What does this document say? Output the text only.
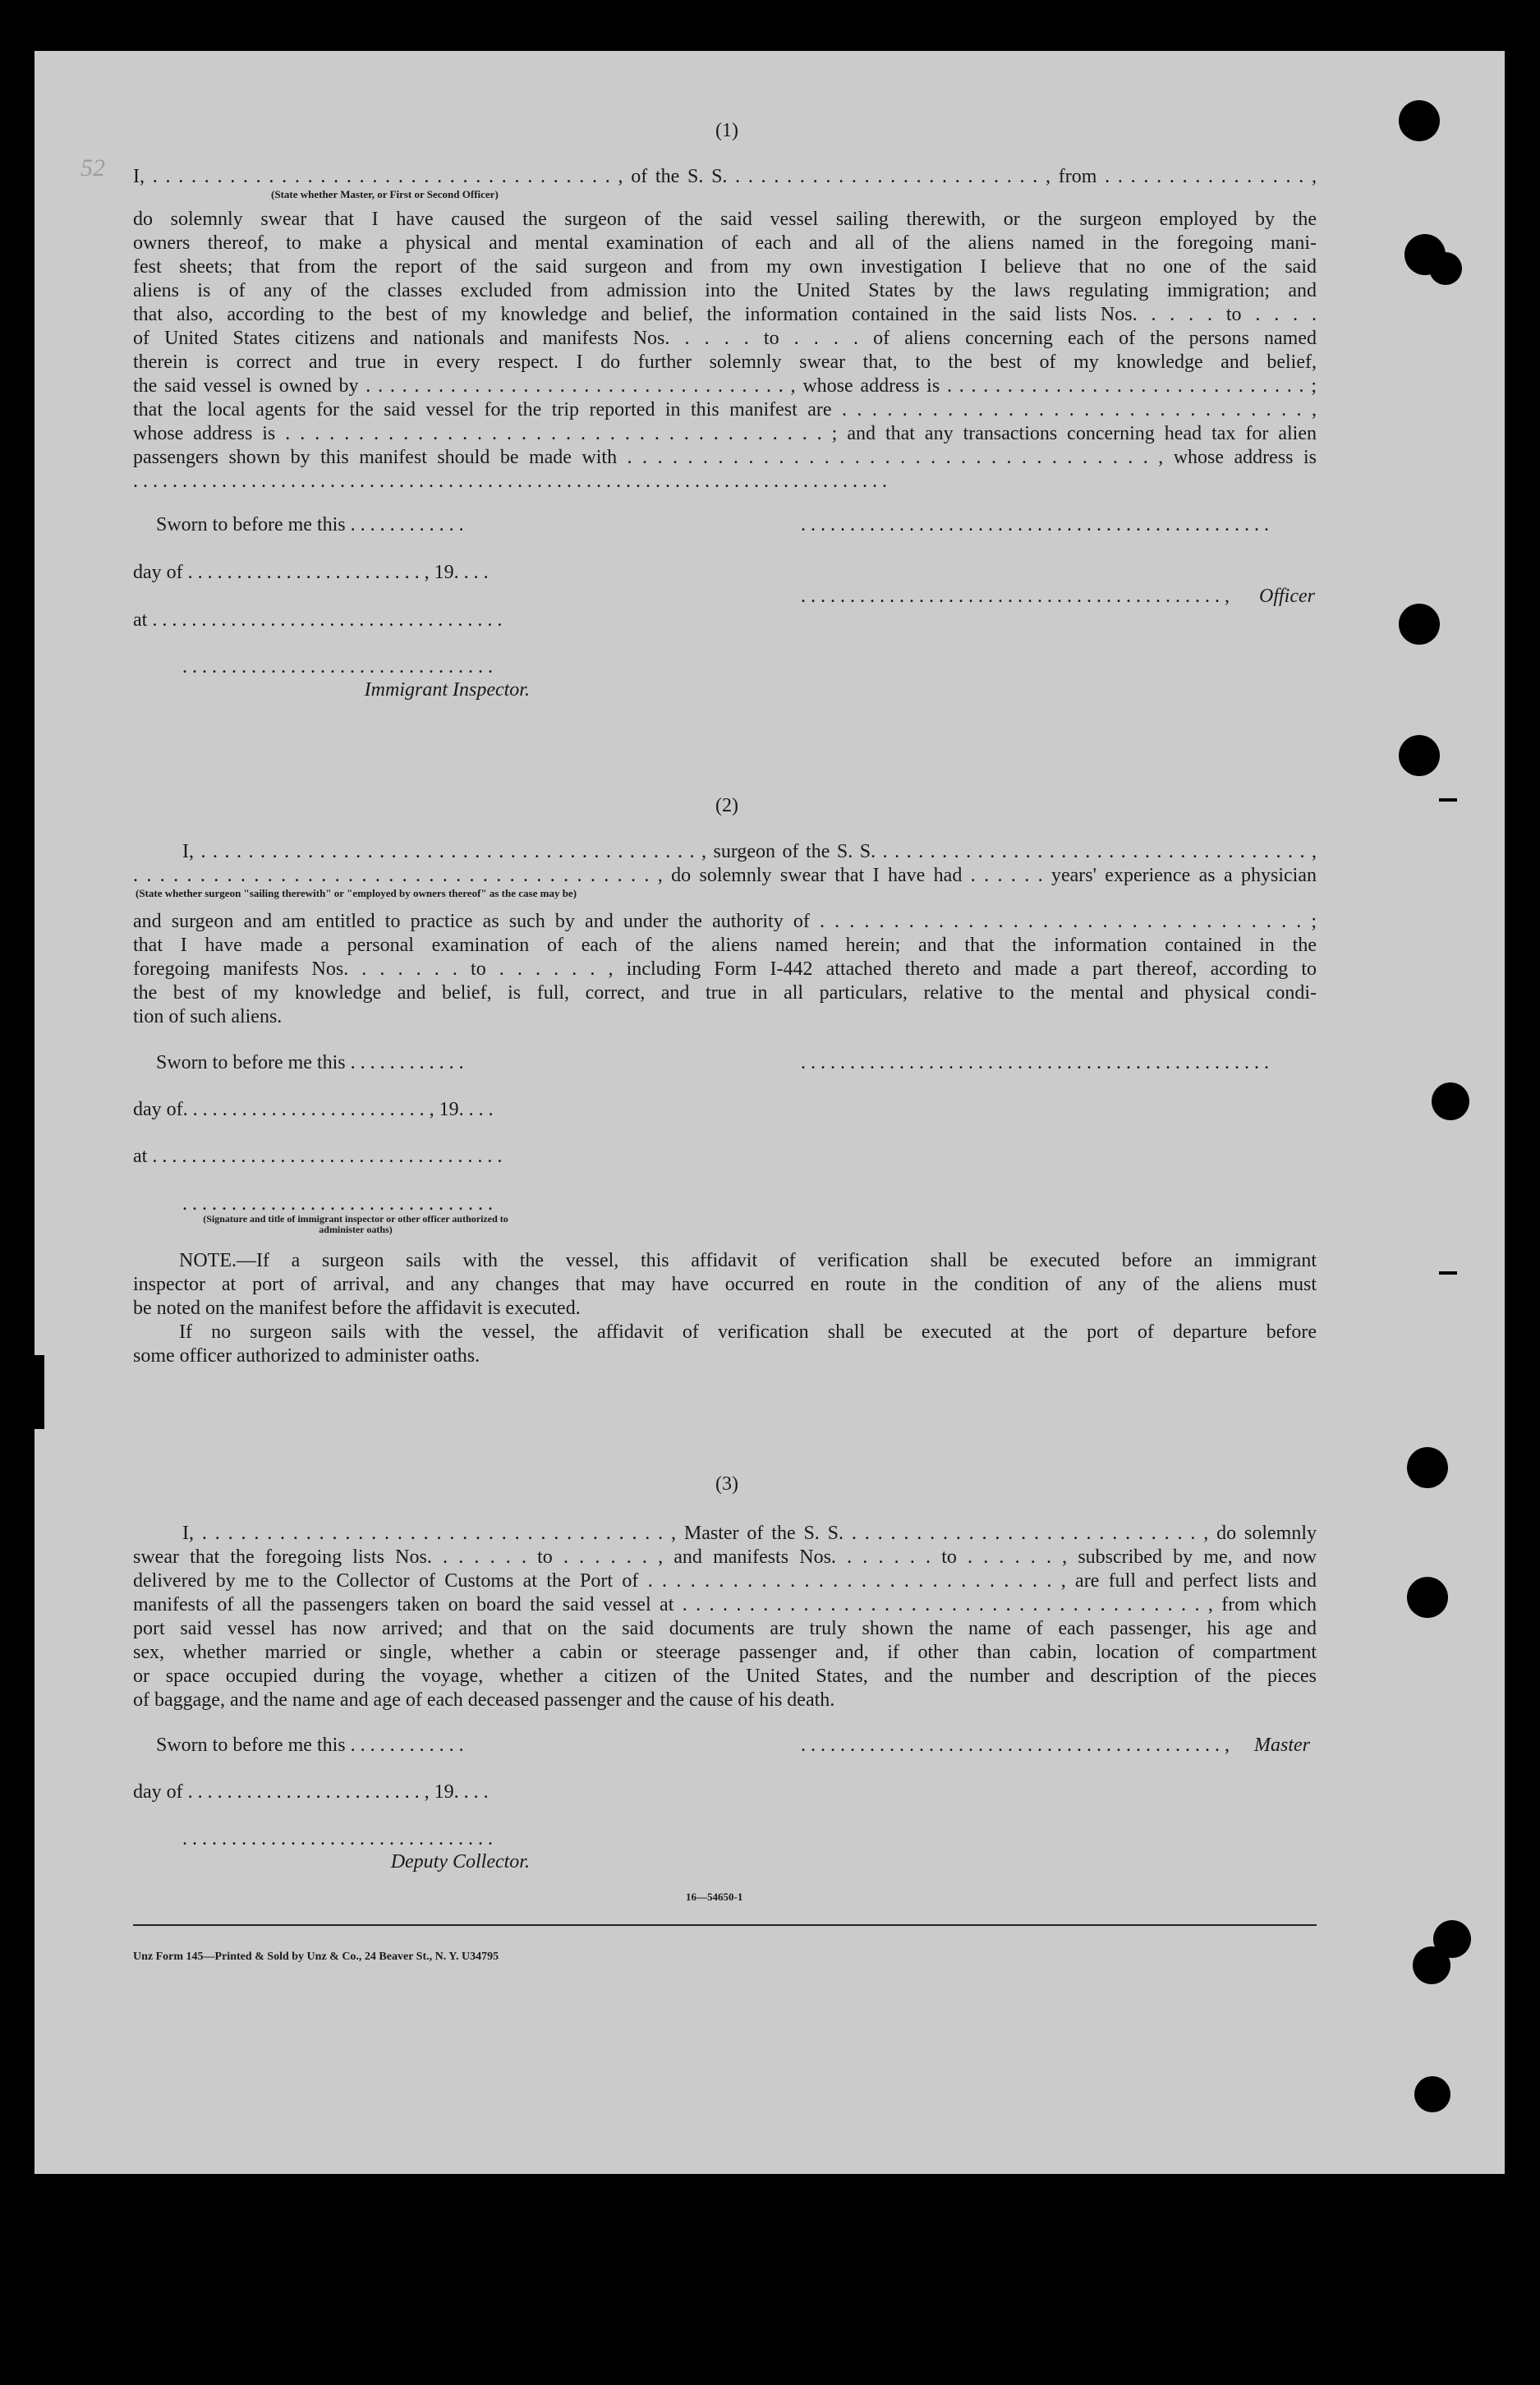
52
(1)
I, . . . . . . . . . . . . . . . . . . . . . . . . . . . . . . . . . . . . , of the S. S. . . . . . . . . . . . . . . . . . . . . . . . . , from . . . . . . . . . . . . . . . . ,
(State whether Master, or First or Second Officer)
do solemnly swear that I have caused the surgeon of the said vessel sailing therewith, or the surgeon employed by the
owners thereof, to make a physical and mental examination of each and all of the aliens named in the foregoing mani-
fest sheets; that from the report of the said surgeon and from my own investigation I believe that no one of the said
aliens is of any of the classes excluded from admission into the United States by the laws regulating immigration; and
that also, according to the best of my knowledge and belief, the information contained in the said lists Nos. . . . . to . . . .
of United States citizens and nationals and manifests Nos. . . . . to . . . . of aliens concerning each of the persons named
therein is correct and true in every respect. I do further solemnly swear that, to the best of my knowledge and belief,
the said vessel is owned by . . . . . . . . . . . . . . . . . . . . . . . . . . . . . . . . . . . , whose address is . . . . . . . . . . . . . . . . . . . . . . . . . . . . . . ;
that the local agents for the said vessel for the trip reported in this manifest are . . . . . . . . . . . . . . . . . . . . . . . . . . . . . . . ,
whose address is . . . . . . . . . . . . . . . . . . . . . . . . . . . . . . . . . . . . . ; and that any transactions concerning head tax for alien
passengers shown by this manifest should be made with . . . . . . . . . . . . . . . . . . . . . . . . . . . . . . . . . . . , whose address is
. . . . . . . . . . . . . . . . . . . . . . . . . . . . . . . . . . . . . . . . . . . . . . . . . . . . . . . . . . . . . . . . . . . . . . . . . . . . .
Sworn to before me this . . . . . . . . . . . .	. . . . . . . . . . . . . . . . . . . . . . . . . . . . . . . . . . . . . . . . . . . . . . . .
day of . . . . . . . . . . . . . . . . . . . . . . . . , 19. . . .
. . . . . . . . . . . . . . . . . . . . . . . . . . . . . . . . . . . . . . . . . . . , Officer
at . . . . . . . . . . . . . . . . . . . . . . . . . . . . . . . . . . . .
. . . . . . . . . . . . . . . . . . . . . . . . . . . . . . . .
Immigrant Inspector.
(2)
I, . . . . . . . . . . . . . . . . . . . . . . . . . . . . . . . . . . . . . . . . . . , surgeon of the S. S. . . . . . . . . . . . . . . . . . . . . . . . . . . . . . . . . . . . . ,
. . . . . . . . . . . . . . . . . . . . . . . . . . . . . . . . . . . . . . . , do solemnly swear that I have had . . . . . . years' experience as a physician
(State whether surgeon "sailing therewith" or "employed by owners thereof" as the case may be)
and surgeon and am entitled to practice as such by and under the authority of . . . . . . . . . . . . . . . . . . . . . . . . . . . . . . . . . ;
that I have made a personal examination of each of the aliens named herein; and that the information contained in the
foregoing manifests Nos. . . . . . . to . . . . . . , including Form I-442 attached thereto and made a part thereof, according to
the best of my knowledge and belief, is full, correct, and true in all particulars, relative to the mental and physical condi-
tion of such aliens.
Sworn to before me this . . . . . . . . . . . .	. . . . . . . . . . . . . . . . . . . . . . . . . . . . . . . . . . . . . . . . . . . . . . . .
day of. . . . . . . . . . . . . . . . . . . . . . . . . , 19. . . .
at . . . . . . . . . . . . . . . . . . . . . . . . . . . . . . . . . . . .
. . . . . . . . . . . . . . . . . . . . . . . . . . . . . . . .
(Signature and title of immigrant inspector or other officer authorized to administer oaths)
NOTE.—If a surgeon sails with the vessel, this affidavit of verification shall be executed before an immigrant
inspector at port of arrival, and any changes that may have occurred en route in the condition of any of the aliens must
be noted on the manifest before the affidavit is executed.
If no surgeon sails with the vessel, the affidavit of verification shall be executed at the port of departure before
some officer authorized to administer oaths.
(3)
I, . . . . . . . . . . . . . . . . . . . . . . . . . . . . . . . . . . . . , Master of the S. S. . . . . . . . . . . . . . . . . . . . . . . . . . . . , do solemnly
swear that the foregoing lists Nos. . . . . . . to . . . . . . , and manifests Nos. . . . . . . to . . . . . . , subscribed by me, and now
delivered by me to the Collector of Customs at the Port of . . . . . . . . . . . . . . . . . . . . . . . . . . . . . , are full and perfect lists and
manifests of all the passengers taken on board the said vessel at . . . . . . . . . . . . . . . . . . . . . . . . . . . . . . . . . . . . . . . , from which
port said vessel has now arrived; and that on the said documents are truly shown the name of each passenger, his age and
sex, whether married or single, whether a cabin or steerage passenger and, if other than cabin, location of compartment
or space occupied during the voyage, whether a citizen of the United States, and the number and description of the pieces
of baggage, and the name and age of each deceased passenger and the cause of his death.
Sworn to before me this . . . . . . . . . . . .	. . . . . . . . . . . . . . . . . . . . . . . . . . . . . . . . . . . . . . . . . . . , Master
day of . . . . . . . . . . . . . . . . . . . . . . . . , 19. . . .
. . . . . . . . . . . . . . . . . . . . . . . . . . . . . . . .
Deputy Collector.
16—54650-1
Unz Form 145—Printed & Sold by Unz & Co., 24 Beaver St., N. Y. U34795
